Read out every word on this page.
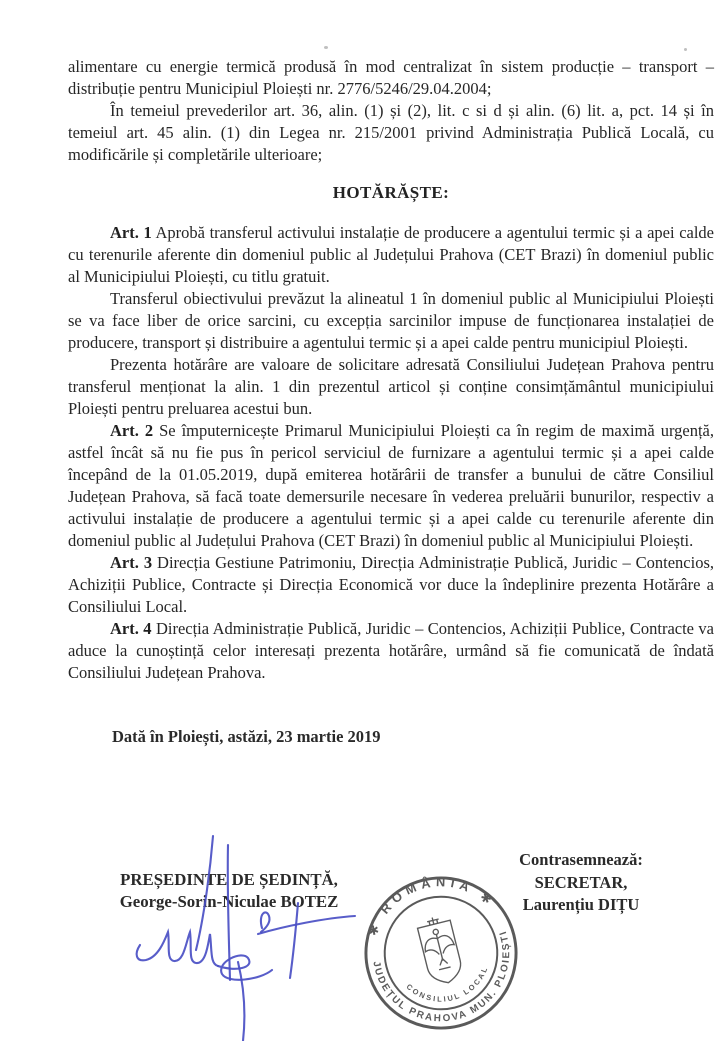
alimentare cu energie termică produsă în mod centralizat în sistem producție – transport – distribuție pentru Municipiul Ploiești nr. 2776/5246/29.04.2004;

În temeiul prevederilor art. 36, alin. (1) și (2), lit. c si d și alin. (6) lit. a, pct. 14 și în temeiul art. 45 alin. (1) din Legea nr. 215/2001 privind Administrația Publică Locală, cu modificările și completările ulterioare;

HOTĂRĂȘTE:

Art. 1 Aprobă transferul activului instalație de producere a agentului termic și a apei calde cu terenurile aferente din domeniul public al Județului Prahova (CET Brazi) în domeniul public al Municipiului Ploiești, cu titlu gratuit.

Transferul obiectivului prevăzut la alineatul 1 în domeniul public al Municipiului Ploiești se va face liber de orice sarcini, cu excepția sarcinilor impuse de funcționarea instalației de producere, transport și distribuire a agentului termic și a apei calde pentru municipiul Ploiești.

Prezenta hotărâre are valoare de solicitare adresată Consiliului Județean Prahova pentru transferul menționat la alin. 1 din prezentul articol și conține consimțământul municipiului Ploiești pentru preluarea acestui bun.

Art. 2 Se împuternicește Primarul Municipiului Ploiești ca în regim de maximă urgență, astfel încât să nu fie pus în pericol serviciul de furnizare a agentului termic și a apei calde începând de la 01.05.2019, după emiterea hotărârii de transfer a bunului de către Consiliul Județean Prahova, să facă toate demersurile necesare în vederea preluării bunurilor, respectiv a activului instalație de producere a agentului termic și a apei calde cu terenurile aferente din domeniul public al Județului Prahova (CET Brazi) în domeniul public al Municipiului Ploiești.

Art. 3 Direcția Gestiune Patrimoniu, Direcția Administrație Publică, Juridic – Contencios, Achiziții Publice, Contracte și Direcția Economică vor duce la îndeplinire prezenta Hotărâre a Consiliului Local.

Art. 4 Direcția Administrație Publică, Juridic – Contencios, Achiziții Publice, Contracte va aduce la cunoștință celor interesați prezenta hotărâre, urmând să fie comunicată de îndată Consiliului Județean Prahova.

Dată în Ploiești, astăzi, 23 martie 2019

PREȘEDINTE DE ȘEDINȚĂ,
George-Sorin-Niculae BOTEZ
Contrasemnează:
SECRETAR,
Laurențiu DIȚU
✱ ROMÂNIA ✱
JUDEȚUL PRAHOVA MUN. PLOIEȘTI
CONSILIUL LOCAL
